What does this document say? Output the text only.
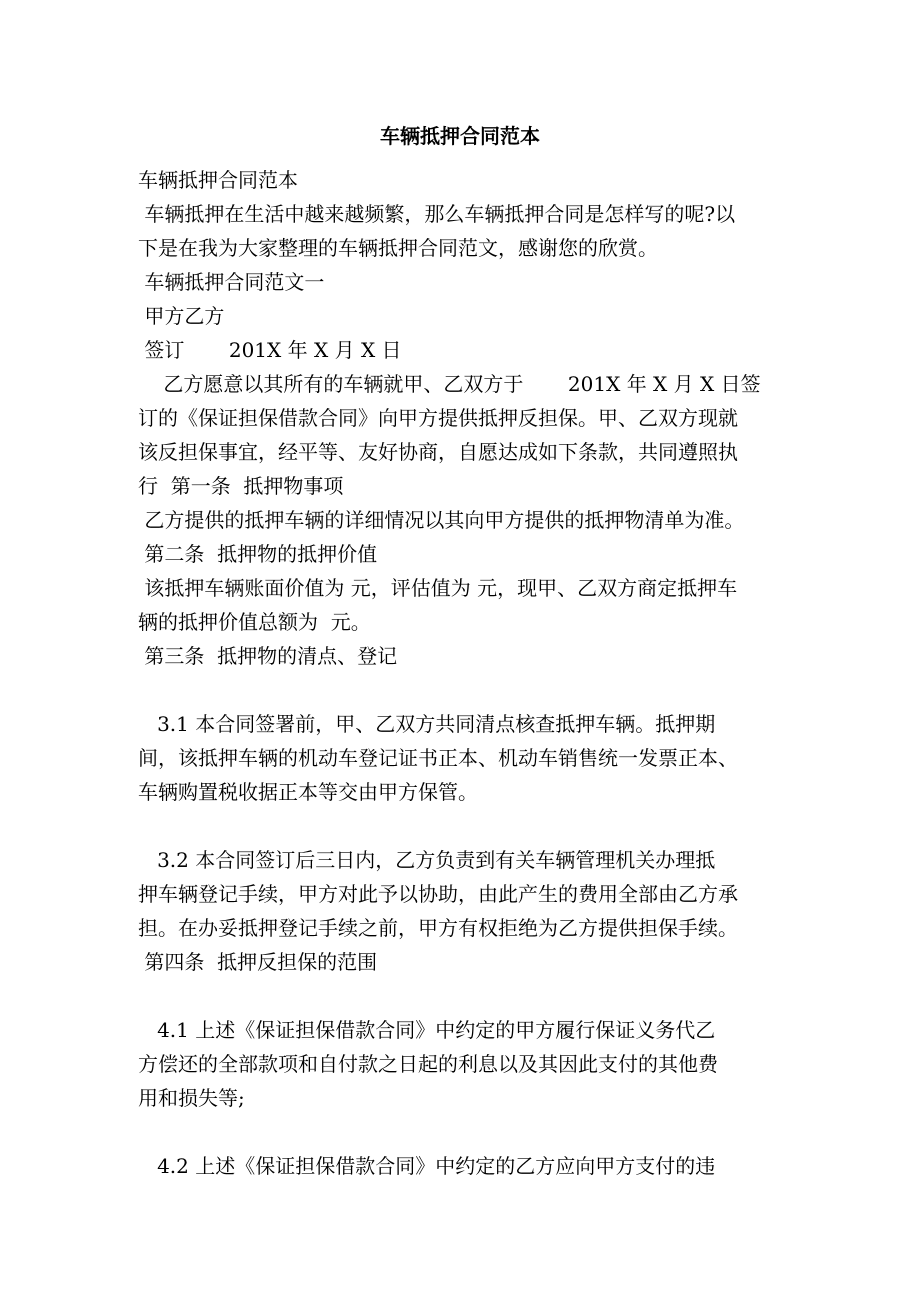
车辆抵押合同范本
车辆抵押合同范本
车辆抵押在生活中越来越频繁，那么车辆抵押合同是怎样写的呢?以
下是在我为大家整理的车辆抵押合同范文，感谢您的欣赏。
车辆抵押合同范文一
甲方乙方
签订       201X 年 X 月 X 日
乙方愿意以其所有的车辆就甲、乙双方于       201X 年 X 月 X 日签
订的《保证担保借款合同》向甲方提供抵押反担保。甲、乙双方现就
该反担保事宜，经平等、友好协商，自愿达成如下条款，共同遵照执
行  第一条  抵押物事项
乙方提供的抵押车辆的详细情况以其向甲方提供的抵押物清单为准。
第二条  抵押物的抵押价值
该抵押车辆账面价值为 元，评估值为 元，现甲、乙双方商定抵押车
辆的抵押价值总额为  元。
第三条  抵押物的清点、登记
3.1 本合同签署前，甲、乙双方共同清点核查抵押车辆。抵押期
间，该抵押车辆的机动车登记证书正本、机动车销售统一发票正本、
车辆购置税收据正本等交由甲方保管。
3.2 本合同签订后三日内，乙方负责到有关车辆管理机关办理抵
押车辆登记手续，甲方对此予以协助，由此产生的费用全部由乙方承
担。在办妥抵押登记手续之前，甲方有权拒绝为乙方提供担保手续。
第四条  抵押反担保的范围
4.1 上述《保证担保借款合同》中约定的甲方履行保证义务代乙
方偿还的全部款项和自付款之日起的利息以及其因此支付的其他费
用和损失等;
4.2 上述《保证担保借款合同》中约定的乙方应向甲方支付的违
